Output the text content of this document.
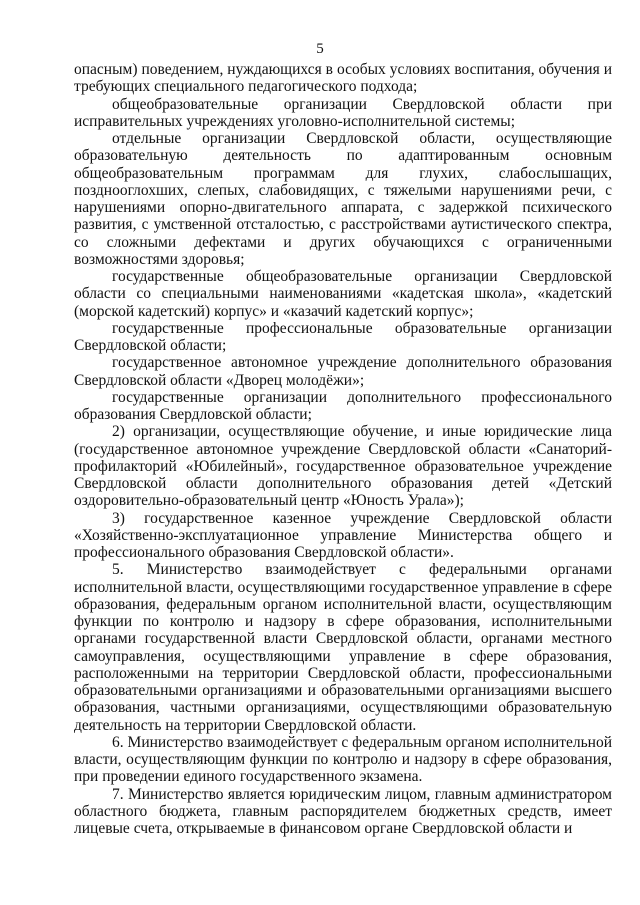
5

опасным) поведением, нуждающихся в особых условиях воспитания, обучения и требующих специального педагогического подхода;

общеобразовательные организации Свердловской области при исправительных учреждениях уголовно-исполнительной системы;

отдельные организации Свердловской области, осуществляющие образовательную деятельность по адаптированным основным общеобразовательным программам для глухих, слабослышащих, позднооглохших, слепых, слабовидящих, с тяжелыми нарушениями речи, с нарушениями опорно-двигательного аппарата, с задержкой психического развития, с умственной отсталостью, с расстройствами аутистического спектра, со сложными дефектами и других обучающихся с ограниченными возможностями здоровья;

государственные общеобразовательные организации Свердловской области со специальными наименованиями «кадетская школа», «кадетский (морской кадетский) корпус» и «казачий кадетский корпус»;

государственные профессиональные образовательные организации Свердловской области;

государственное автономное учреждение дополнительного образования Свердловской области «Дворец молодёжи»;

государственные организации дополнительного профессионального образования Свердловской области;

2) организации, осуществляющие обучение, и иные юридические лица (государственное автономное учреждение Свердловской области «Санаторий-профилакторий «Юбилейный», государственное образовательное учреждение Свердловской области дополнительного образования детей «Детский оздоровительно-образовательный центр «Юность Урала»);

3) государственное казенное учреждение Свердловской области «Хозяйственно-эксплуатационное управление Министерства общего и профессионального образования Свердловской области».

5. Министерство взаимодействует с федеральными органами исполнительной власти, осуществляющими государственное управление в сфере образования, федеральным органом исполнительной власти, осуществляющим функции по контролю и надзору в сфере образования, исполнительными органами государственной власти Свердловской области, органами местного самоуправления, осуществляющими управление в сфере образования, расположенными на территории Свердловской области, профессиональными образовательными организациями и образовательными организациями высшего образования, частными организациями, осуществляющими образовательную деятельность на территории Свердловской области.

6. Министерство взаимодействует с федеральным органом исполнительной власти, осуществляющим функции по контролю и надзору в сфере образования, при проведении единого государственного экзамена.

7. Министерство является юридическим лицом, главным администратором областного бюджета, главным распорядителем бюджетных средств, имеет лицевые счета, открываемые в финансовом органе Свердловской области и
